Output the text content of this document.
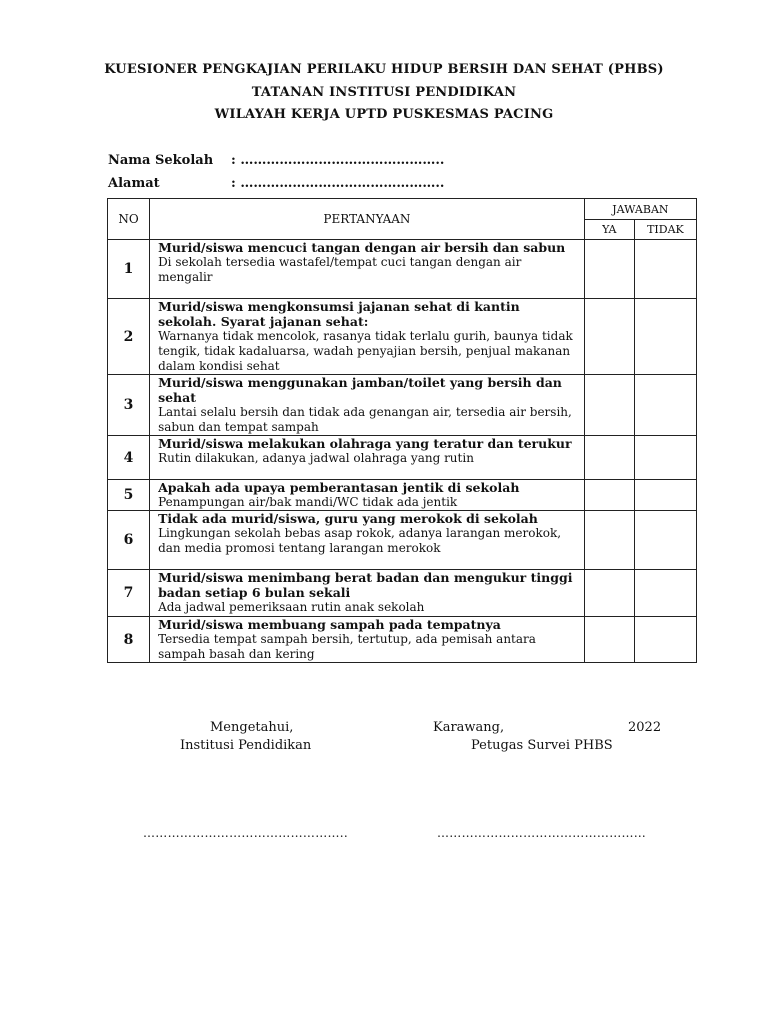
KUESIONER PENGKAJIAN PERILAKU HIDUP BERSIH DAN SEHAT (PHBS)
TATANAN INSTITUSI PENDIDIKAN
WILAYAH KERJA UPTD PUSKESMAS PACING
Nama Sekolah : ………………………………………..
Alamat	: ………………………………………..
NO	PERTANYAAN	JAWABAN	
		YA	TIDAK
1	Murid/siswa mencuci tangan dengan air bersih dan sabun
Di sekolah tersedia wastafel/tempat cuci tangan dengan air mengalir		

2	Murid/siswa mengkonsumsi jajanan sehat di kantin sekolah. Syarat jajanan sehat:
Warnanya tidak mencolok, rasanya tidak terlalu gurih, baunya tidak tengik, tidak kadaluarsa, wadah penyajian bersih, penjual makanan dalam kondisi sehat		

3	Murid/siswa menggunakan jamban/toilet yang bersih dan sehat
Lantai selalu bersih dan tidak ada genangan air, tersedia air bersih, sabun dan tempat sampah		

4	Murid/siswa melakukan olahraga yang teratur dan terukur
Rutin dilakukan, adanya jadwal olahraga yang rutin		

5	Apakah ada upaya pemberantasan jentik di sekolah
Penampungan air/bak mandi/WC tidak ada jentik		

6	Tidak ada murid/siswa, guru yang merokok di sekolah
Lingkungan sekolah bebas asap rokok, adanya larangan merokok, dan media promosi tentang larangan merokok		

7	Murid/siswa menimbang berat badan dan mengukur tinggi badan setiap 6 bulan sekali
Ada jadwal pemeriksaan rutin anak sekolah		

8	Murid/siswa membuang sampah pada tempatnya
Tersedia tempat sampah bersih, tertutup, ada pemisah antara sampah basah dan kering		

Mengetahui,
Institusi Pendidikan
Karawang,	2022
Petugas Survei PHBS
…………………………………………..	……………………………………………
